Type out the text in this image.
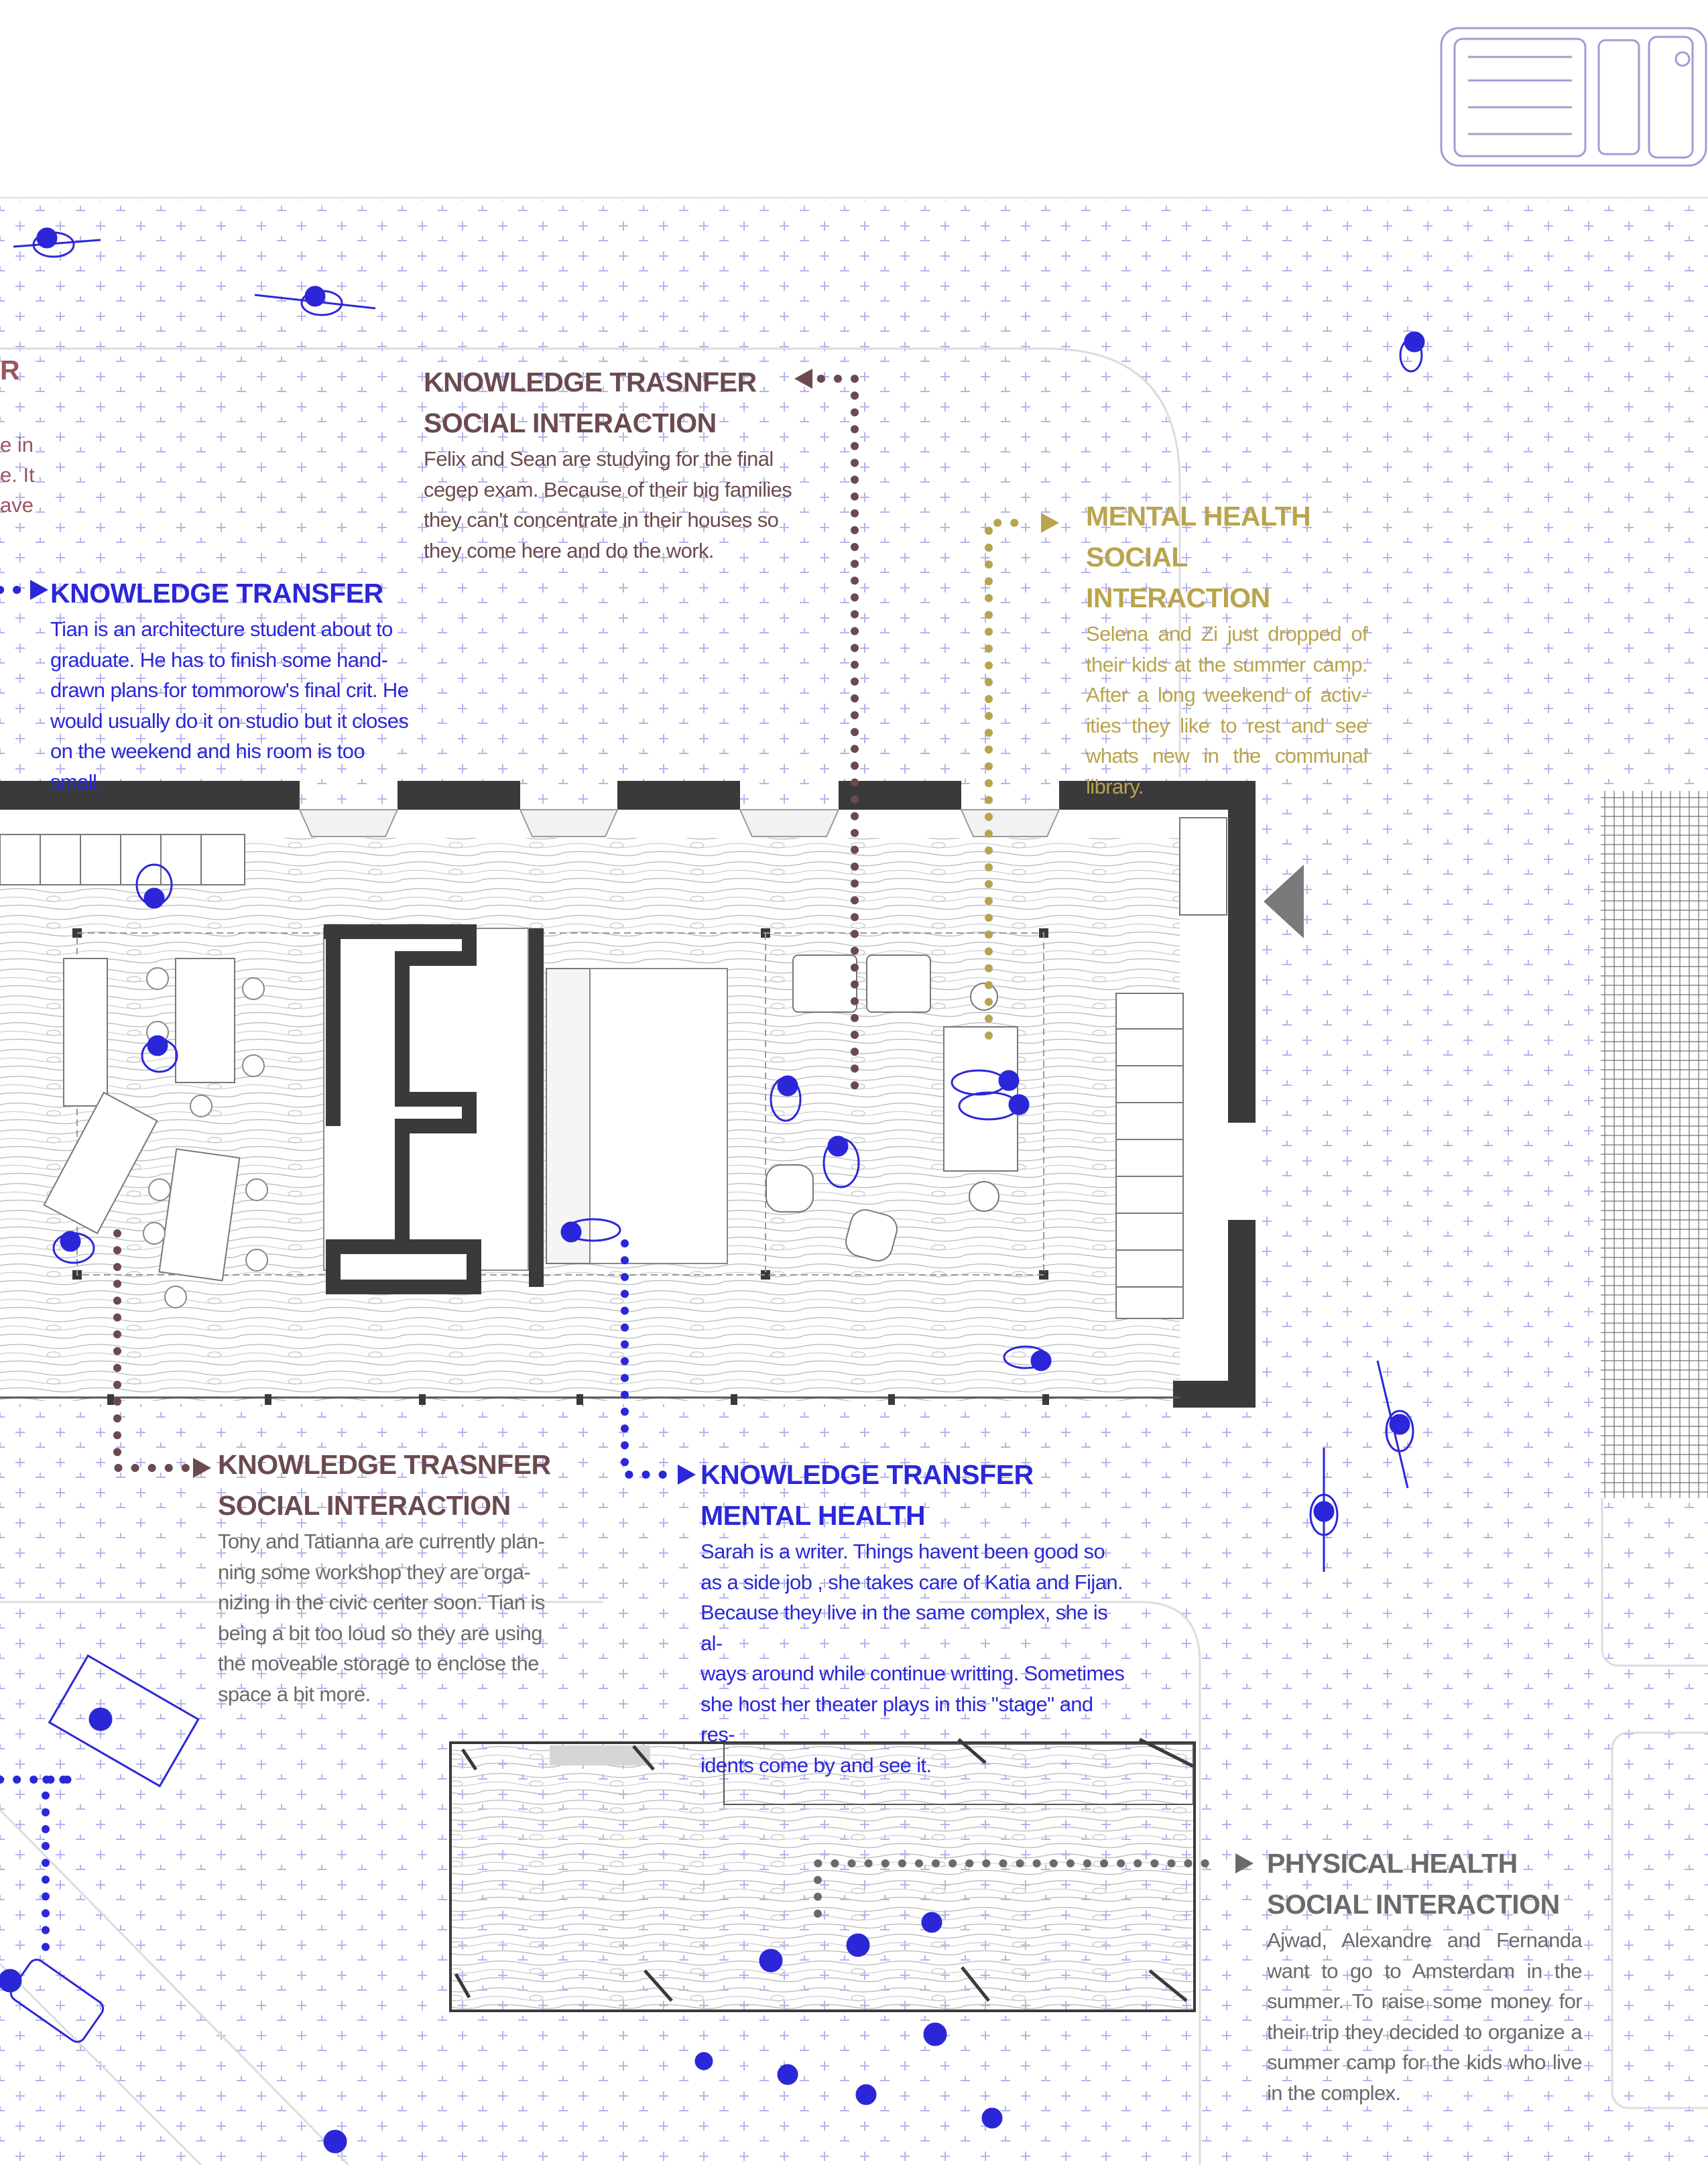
R
e in
e. It
ave
KNOWLEDGE TRASNFER
SOCIAL INTERACTION

Felix and Sean are studying for the final

cegep exam. Because of their big families

they can't concentrate in their houses so

they come here and do the work.

MENTAL HEALTH
SOCIAL INTERACTION

Selena and Zi just dropped of

their kids at the summer camp.

After a long weekend of activ-

ities they like to rest and see

whats new in the communal

library.

KNOWLEDGE TRANSFER

Tian is an architecture student about to

graduate. He has to finish some hand-

drawn plans for tommorow's final crit. He

would usually do it on studio but it closes

on the weekend and his room is too small.

KNOWLEDGE TRASNFER
SOCIAL INTERACTION

Tony and Tatianna are currently plan-

ning some workshop they are orga-

nizing in the civic center soon. Tian is

being a bit too loud so they are using

the moveable storage to enclose the

space a bit more.

KNOWLEDGE TRANSFER
MENTAL HEALTH

Sarah is a writer. Things havent been good so

as a side job , she takes care of Katia and Fijan.

Because they live in the same complex, she is al-

ways around while continue writting. Sometimes

she host her theater plays in this "stage" and res-

idents come by and see it.

PHYSICAL HEALTH
SOCIAL INTERACTION

Ajwad, Alexandre and Fernanda

want to go to Amsterdam in the

summer. To raise some money for

their trip they decided to organize a

summer camp for the kids who live

in the complex.
